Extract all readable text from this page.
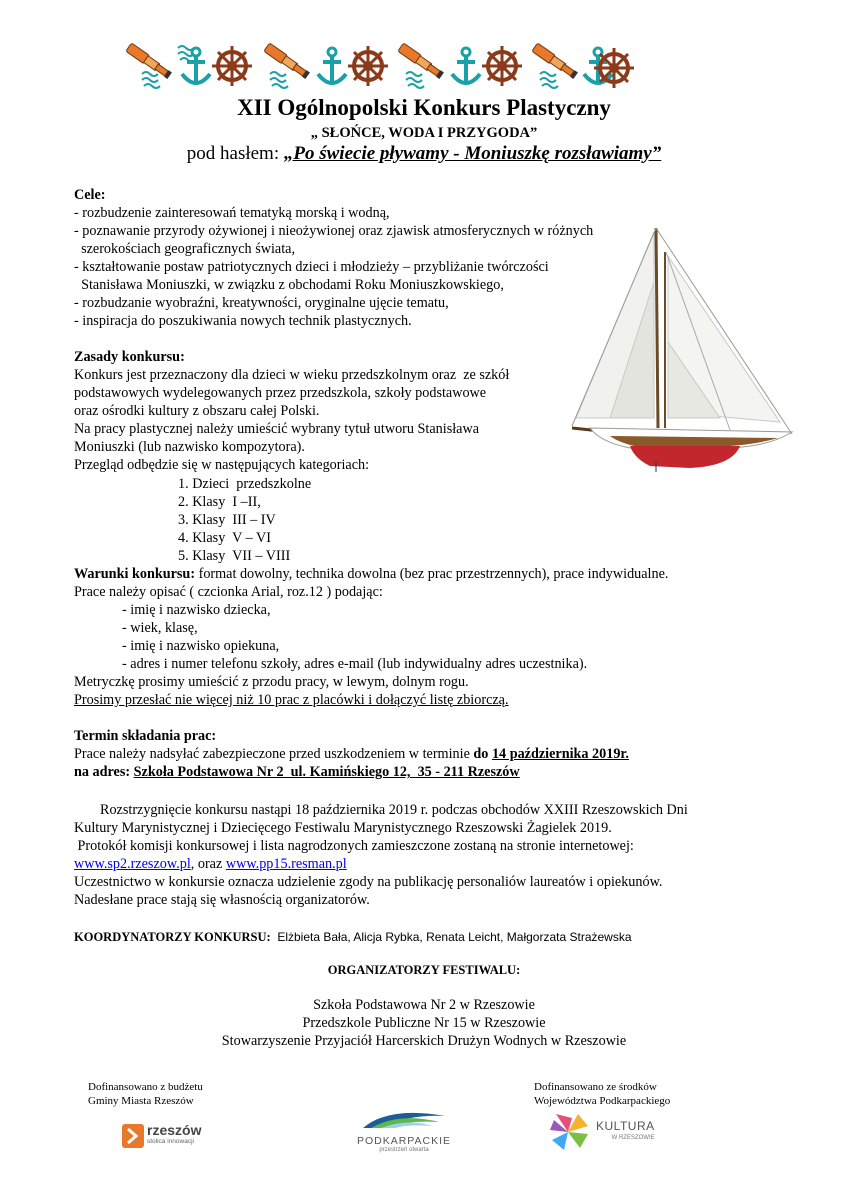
XII Ogólnopolski Konkurs Plastyczny
„ SŁOŃCE, WODA I PRZYGODA”
pod hasłem: „Po świecie pływamy - Moniuszkę rozsławiamy”
Cele:
- rozbudzenie zainteresowań tematyką morską i wodną,
- poznawanie przyrody ożywionej i nieożywionej oraz zjawisk atmosferycznych w różnych
szerokościach geograficznych świata,
- kształtowanie postaw patriotycznych dzieci i młodzieży – przybliżanie twórczości
Stanisława Moniuszki, w związku z obchodami Roku Moniuszkowskiego,
- rozbudzanie wyobraźni, kreatywności, oryginalne ujęcie tematu,
- inspiracja do poszukiwania nowych technik plastycznych.
Zasady konkursu:
Konkurs jest przeznaczony dla dzieci w wieku przedszkolnym oraz  ze szkół
podstawowych wydelegowanych przez przedszkola, szkoły podstawowe
oraz ośrodki kultury z obszaru całej Polski.
Na pracy plastycznej należy umieścić wybrany tytuł utworu Stanisława
Moniuszki (lub nazwisko kompozytora).
Przegląd odbędzie się w następujących kategoriach:
1. Dzieci  przedszkolne
2. Klasy  I –II,
3. Klasy  III – IV
4. Klasy  V – VI
5. Klasy  VII – VIII
Warunki konkursu: format dowolny, technika dowolna (bez prac przestrzennych), prace indywidualne.
Prace należy opisać ( czcionka Arial, roz.12 ) podając:
- imię i nazwisko dziecka,
- wiek, klasę,
- imię i nazwisko opiekuna,
- adres i numer telefonu szkoły, adres e-mail (lub indywidualny adres uczestnika).
Metryczkę prosimy umieścić z przodu pracy, w lewym, dolnym rogu.
Prosimy przesłać nie więcej niż 10 prac z placówki i dołączyć listę zbiorczą.
Termin składania prac:
Prace należy nadsyłać zabezpieczone przed uszkodzeniem w terminie do 14 października 2019r.
na adres: Szkoła Podstawowa Nr 2  ul. Kamińskiego 12,  35 - 211 Rzeszów
Rozstrzygnięcie konkursu nastąpi 18 października 2019 r. podczas obchodów XXIII Rzeszowskich Dni
Kultury Marynistycznej i Dziecięcego Festiwalu Marynistycznego Rzeszowski Żagielek 2019.
Protokół komisji konkursowej i lista nagrodzonych zamieszczone zostaną na stronie internetowej:
www.sp2.rzeszow.pl, oraz www.pp15.resman.pl
Uczestnictwo w konkursie oznacza udzielenie zgody na publikację personaliów laureatów i opiekunów.
Nadesłane prace stają się własnością organizatorów.
KOORDYNATORZY KONKURSU:  Elżbieta Bała, Alicja Rybka, Renata Leicht, Małgorzata Strażewska
ORGANIZATORZY FESTIWALU:
Szkoła Podstawowa Nr 2 w Rzeszowie
Przedszkole Publiczne Nr 15 w Rzeszowie
Stowarzyszenie Przyjaciół Harcerskich Drużyn Wodnych w Rzeszowie
Dofinansowano z budżetu
Gminy Miasta Rzeszów
Dofinansowano ze środków
Województwa Podkarpackiego
rzeszów
stolica innowacji	PODKARPACKIE
przestrzeń otwarta
KULTURA
W RZESZOWIE
